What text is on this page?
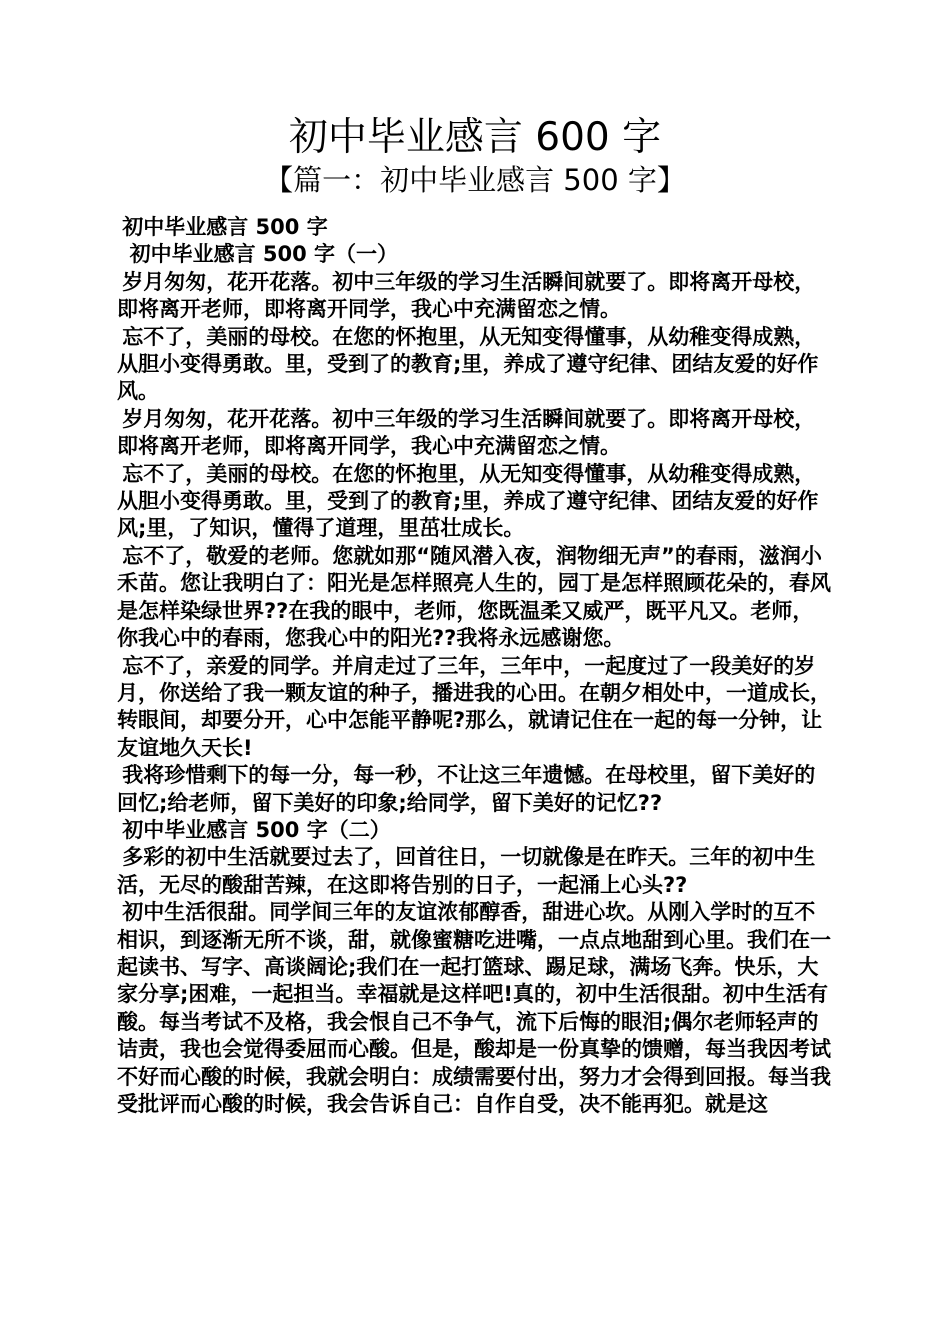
初中毕业感言 600 字
【篇一：初中毕业感言 500 字】

初中毕业感言 500 字

初中毕业感言 500 字（一）

岁月匆匆，花开花落。初中三年级的学习生活瞬间就要了。即将离开母校，即将离开老师，即将离开同学，我心中充满留恋之情。

忘不了，美丽的母校。在您的怀抱里，从无知变得懂事，从幼稚变得成熟，从胆小变得勇敢。里，受到了的教育;里，养成了遵守纪律、团结友爱的好作风。

岁月匆匆，花开花落。初中三年级的学习生活瞬间就要了。即将离开母校，即将离开老师，即将离开同学，我心中充满留恋之情。

忘不了，美丽的母校。在您的怀抱里，从无知变得懂事，从幼稚变得成熟，从胆小变得勇敢。里，受到了的教育;里，养成了遵守纪律、团结友爱的好作风;里，了知识，懂得了道理，里茁壮成长。

忘不了，敬爱的老师。您就如那“随风潜入夜，润物细无声”的春雨，滋润小禾苗。您让我明白了：阳光是怎样照亮人生的，园丁是怎样照顾花朵的，春风是怎样染绿世界??在我的眼中，老师，您既温柔又威严，既平凡又。老师，你我心中的春雨，您我心中的阳光??我将永远感谢您。

忘不了，亲爱的同学。并肩走过了三年，三年中，一起度过了一段美好的岁月，你送给了我一颗友谊的种子，播进我的心田。在朝夕相处中，一道成长，转眼间，却要分开，心中怎能平静呢?那么，就请记住在一起的每一分钟，让友谊地久天长!

我将珍惜剩下的每一分，每一秒，不让这三年遗憾。在母校里，留下美好的回忆;给老师，留下美好的印象;给同学，留下美好的记忆??

初中毕业感言 500 字（二）

多彩的初中生活就要过去了，回首往日，一切就像是在昨天。三年的初中生活，无尽的酸甜苦辣，在这即将告别的日子，一起涌上心头??

初中生活很甜。同学间三年的友谊浓郁醇香，甜进心坎。从刚入学时的互不相识，到逐渐无所不谈，甜，就像蜜糖吃进嘴，一点点地甜到心里。我们在一起读书、写字、高谈阔论;我们在一起打篮球、踢足球，满场飞奔。快乐，大家分享;困难，一起担当。幸福就是这样吧!真的，初中生活很甜。初中生活有酸。每当考试不及格，我会恨自己不争气，流下后悔的眼泪;偶尔老师轻声的诘责，我也会觉得委屈而心酸。但是，酸却是一份真挚的馈赠，每当我因考试不好而心酸的时候，我就会明白：成绩需要付出，努力才会得到回报。每当我受批评而心酸的时候，我会告诉自己：自作自受，决不能再犯。就是这
